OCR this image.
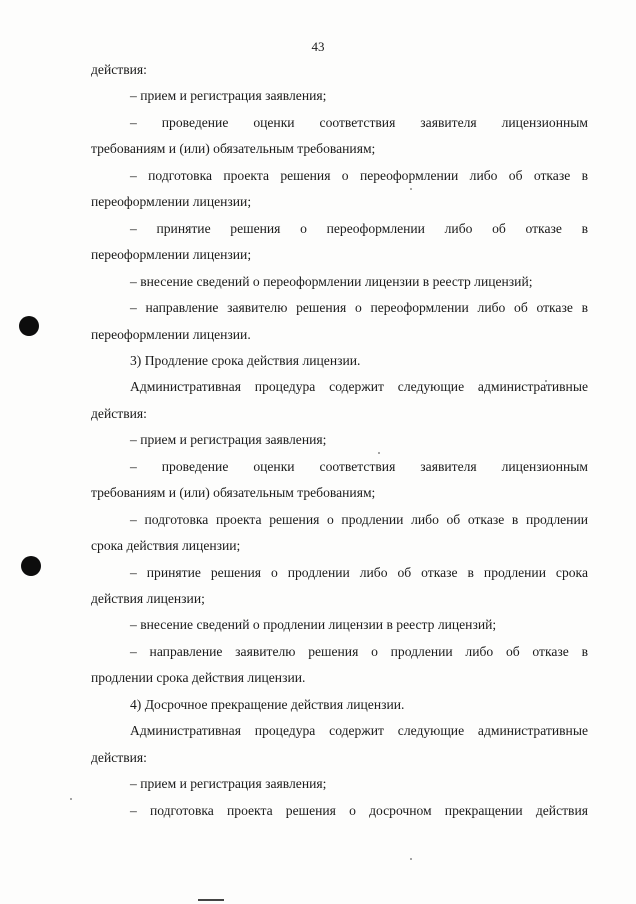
43
действия:
– прием и регистрация заявления;
– проведение оценки соответствия заявителя лицензионным
требованиям и (или) обязательным требованиям;
– подготовка проекта решения о переоформлении либо об отказе в
переоформлении лицензии;
– принятие решения о переоформлении либо об отказе в
переоформлении лицензии;
– внесение сведений о переоформлении лицензии в реестр лицензий;
– направление заявителю решения о переоформлении либо об отказе в
переоформлении лицензии.
3) Продление срока действия лицензии.
Административная процедура содержит следующие административные
действия:
– прием и регистрация заявления;
– проведение оценки соответствия заявителя лицензионным
требованиям и (или) обязательным требованиям;
– подготовка проекта решения о продлении либо об отказе в продлении
срока действия лицензии;
– принятие решения о продлении либо об отказе в продлении срока
действия лицензии;
– внесение сведений о продлении лицензии в реестр лицензий;
– направление заявителю решения о продлении либо об отказе в
продлении срока действия лицензии.
4) Досрочное прекращение действия лицензии.
Административная процедура содержит следующие административные
действия:
– прием и регистрация заявления;
– подготовка проекта решения о досрочном прекращении действия
